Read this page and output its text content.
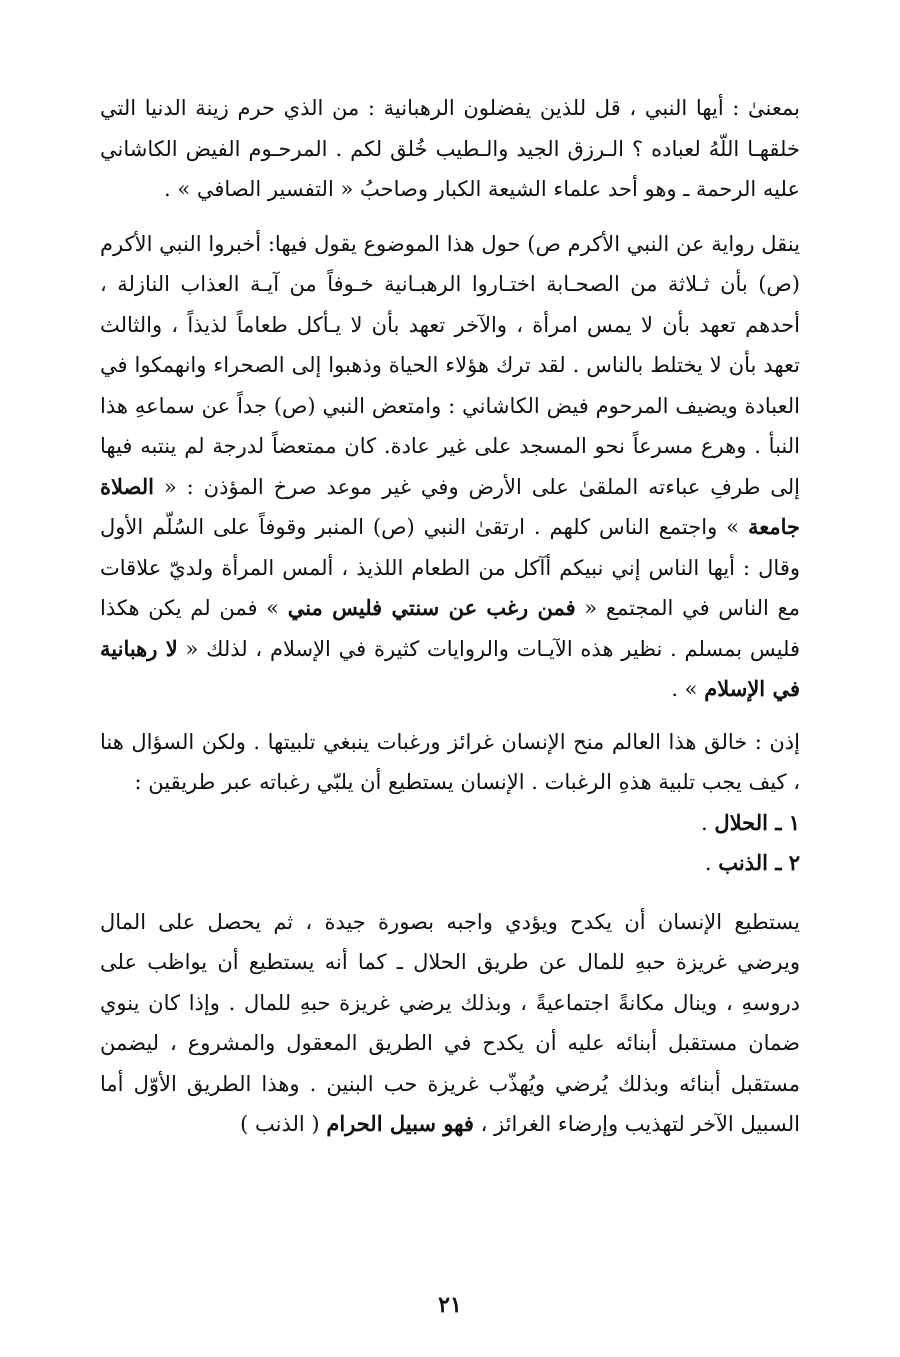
بمعنىٰ : أيها النبي ، قل للذين يفضلون الرهبانية : من الذي حرم زينة الدنيا التي خلقهـا اللّهُ لعباده ؟ الـرزق الجيد والـطيب خُلق لكم . المرحـوم الفيض الكاشاني عليه الرحمة ـ وهو أحد علماء الشيعة الكبار وصاحبُ « التفسير الصافي » .

ينقل رواية عن النبي الأكرم ص) حول هذا الموضوع يقول فيها: أخبروا النبي الأكرم (ص) بأن ثـلاثة من الصحـابة اختـاروا الرهبـانية خـوفاً من آيـة العذاب النازلة ، أحدهم تعهد بأن لا يمس امرأة ، والآخر تعهد بأن لا يـأكل طعاماً لذيذاً ، والثالث تعهد بأن لا يختلط بالناس . لقد ترك هؤلاء الحياة وذهبوا إلى الصحراء وانهمكوا في العبادة ويضيف المرحوم فيض الكاشاني : وامتعض النبي (ص) جداً عن سماعهِ هذا النبأ . وهرع مسرعاً نحو المسجد على غير عادة. كان ممتعضاً لدرجة لم ينتبه فيها إلى طرفِ عباءته الملقىٰ على الأرض وفي غير موعد صرخ المؤذن : « الصلاة جامعة » واجتمع الناس كلهم . ارتقىٰ النبي (ص) المنبر وقوفاً على السُلّم الأول وقال : أيها الناس إني نبيكم أآكل من الطعام اللذيذ ، ألمس المرأة ولديّ علاقات مع الناس في المجتمع « فمن رغب عن سنتي فليس مني » فمن لم يكن هكذا فليس بمسلم . نظير هذه الآيـات والروايات كثيرة في الإسلام ، لذلك « لا رهبانية في الإسلام » .

إذن : خالق هذا العالم منح الإنسان غرائز ورغبات ينبغي تلبيتها . ولكن السؤال هنا ، كيف يجب تلبية هذهِ الرغبات . الإنسان يستطيع أن يلبّي رغباته عبر طريقين :

١ ـ الحلال .

٢ ـ الذنب .

يستطيع الإنسان أن يكدح ويؤدي واجبه بصورة جيدة ، ثم يحصل على المال ويرضي غريزة حبهِ للمال عن طريق الحلال ـ كما أنه يستطيع أن يواظب على دروسهِ ، وينال مكانةً اجتماعيةً ، وبذلك يرضي غريزة حبهِ للمال . وإذا كان ينوي ضمان مستقبل أبنائه عليه أن يكدح في الطريق المعقول والمشروع ، ليضمن مستقبل أبنائه وبذلك يُرضي ويُهذّب غريزة حب البنين . وهذا الطريق الأوّل أما السبيل الآخر لتهذيب وإرضاء الغرائز ، فهو سبيل الحرام ( الذنب )

٢١
